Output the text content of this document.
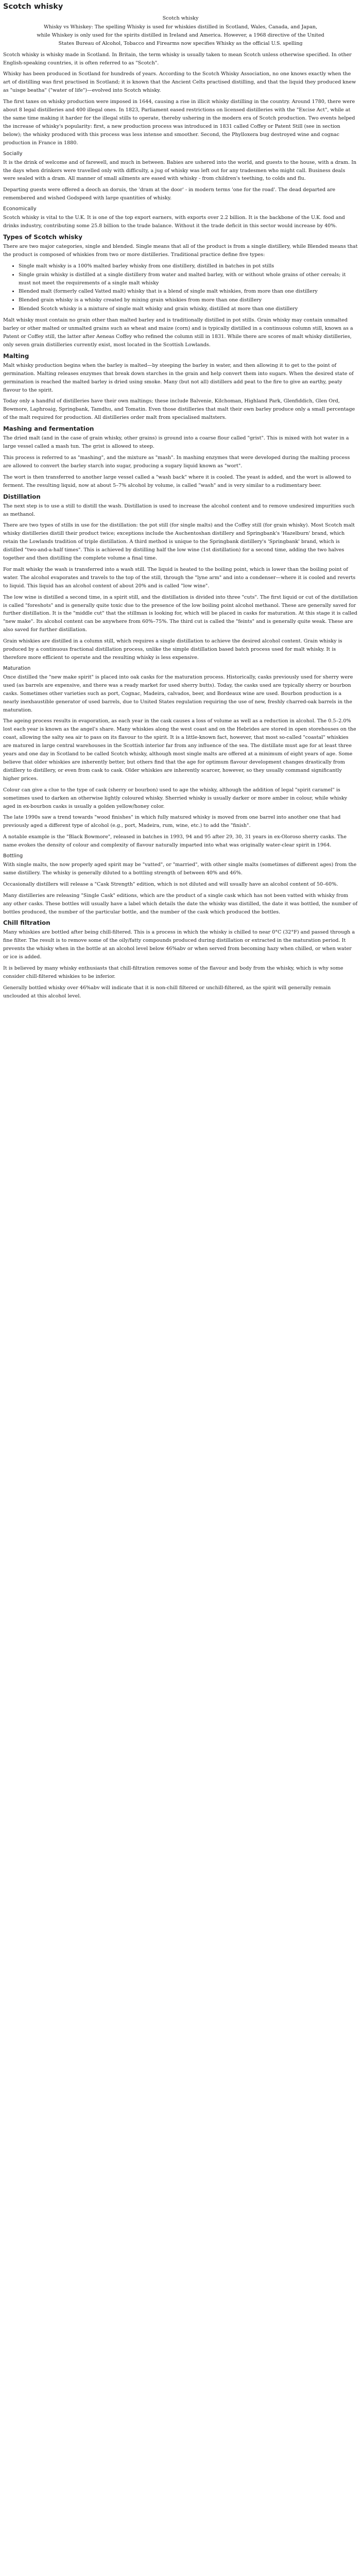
Scotch whisky
Scotch whisky

Whisky vs Whiskey: The spelling Whisky is used for whiskies distilled in Scotland, Wales, Canada, and Japan, while Whiskey is only used for the spirits distilled in Ireland and America. However, a 1968 directive of the United States Bureau of Alcohol, Tobacco and Firearms now specifies Whisky as the official U.S. spelling

Scotch whisky is whisky made in Scotland. In Britain, the term whisky is usually taken to mean Scotch unless otherwise specified. In other English-speaking countries, it is often referred to as "Scotch".

Whisky has been produced in Scotland for hundreds of years. According to the Scotch Whisky Association, no one knows exactly when the art of distilling was first practised in Scotland; it is known that the Ancient Celts practised distilling, and that the liquid they produced knew as "uisge beatha" ("water of life")—evolved into Scotch whisky.

The first taxes on whisky production were imposed in 1644, causing a rise in illicit whisky distilling in the country. Around 1780, there were about 8 legal distilleries and 400 illegal ones. In 1823, Parliament eased restrictions on licensed distilleries with the "Excise Act", while at the same time making it harder for the illegal stills to operate, thereby ushering in the modern era of Scotch production. Two events helped the increase of whisky's popularity: first, a new production process was introduced in 1831 called Coffey or Patent Still (see in section below); the whisky produced with this process was less intense and smoother. Second, the Phylloxera bug destroyed wine and cognac production in France in 1880.

Socially

It is the drink of welcome and of farewell, and much in between. Babies are ushered into the world, and guests to the house, with a dram. In the days when drinkers were travelled only with difficulty, a jug of whisky was left out for any tradesmen who might call. Business deals were sealed with a dram. All manner of small ailments are eased with whisky - from children's teething, to colds and flu.

Departing guests were offered a deoch an doruis, the 'dram at the door' - in modern terms 'one for the road'. The dead departed are remembered and wished Godspeed with large quantities of whisky.

Economically

Scotch whisky is vital to the U.K. It is one of the top export earners, with exports over 2.2 billion. It is the backbone of the U.K. food and drinks industry, contributing some 25.8 billion to the trade balance. Without it the trade deficit in this sector would increase by 40%.

Types of Scotch whisky

There are two major categories, single and blended. Single means that all of the product is from a single distillery, while Blended means that the product is composed of whiskies from two or more distilleries. Traditional practice define five types:

• Single malt whisky is a 100% malted barley whisky from one distillery, distilled in batches in pot stills
• Single grain whisky is distilled at a single distillery from water and malted barley, with or without whole grains of other cereals; it must not meet the requirements of a single malt whisky
• Blended malt (formerly called Vatted malt) whisky that is a blend of single malt whiskies, from more than one distillery
• Blended grain whisky is a whisky created by mixing grain whiskies from more than one distillery
• Blended Scotch whisky is a mixture of single malt whisky and grain whisky, distilled at more than one distillery

Malt whisky must contain no grain other than malted barley and is traditionally distilled in pot stills. Grain whisky may contain unmalted barley or other malted or unmalted grains such as wheat and maize (corn) and is typically distilled in a continuous column still, known as a Patent or Coffey still, the latter after Aeneas Coffey who refined the column still in 1831. While there are scores of malt whisky distilleries, only seven grain distilleries currently exist, most located in the Scottish Lowlands.

Malting

Malt whisky production begins when the barley is malted—by steeping the barley in water, and then allowing it to get to the point of germination. Malting releases enzymes that break down starches in the grain and help convert them into sugars. When the desired state of germination is reached the malted barley is dried using smoke. Many (but not all) distillers add peat to the fire to give an earthy, peaty flavour to the spirit.

Today only a handful of distilleries have their own maltings; these include Balvenie, Kilchoman, Highland Park, Glenfiddich, Glen Ord, Bowmore, Laphroaig, Springbank, Tamdhu, and Tomatin. Even those distilleries that malt their own barley produce only a small percentage of the malt required for production. All distilleries order malt from specialised maltsters.

Mashing and fermentation

The dried malt (and in the case of grain whisky, other grains) is ground into a coarse flour called "grist". This is mixed with hot water in a large vessel called a mash tun. The grist is allowed to steep.

This process is referred to as "mashing", and the mixture as "mash". In mashing enzymes that were developed during the malting process are allowed to convert the barley starch into sugar, producing a sugary liquid known as "wort".

The wort is then transferred to another large vessel called a "wash back" where it is cooled. The yeast is added, and the wort is allowed to ferment. The resulting liquid, now at about 5–7% alcohol by volume, is called "wash" and is very similar to a rudimentary beer.

Distillation

The next step is to use a still to distill the wash. Distillation is used to increase the alcohol content and to remove undesired impurities such as methanol.

There are two types of stills in use for the distillation: the pot still (for single malts) and the Coffey still (for grain whisky). Most Scotch malt whisky distilleries distill their product twice; exceptions include the Auchentoshan distillery and Springbank's 'Hazelburn' brand, which retain the Lowlands tradition of triple distillation. A third method is unique to the Springbank distillery's 'Springbank' brand, which is distilled "two-and-a-half times". This is achieved by distilling half the low wine (1st distillation) for a second time, adding the two halves together and then distilling the complete volume a final time.

For malt whisky the wash is transferred into a wash still. The liquid is heated to the boiling point, which is lower than the boiling point of water. The alcohol evaporates and travels to the top of the still, through the "lyne arm" and into a condenser—where it is cooled and reverts to liquid. This liquid has an alcohol content of about 20% and is called "low wine".

The low wine is distilled a second time, in a spirit still, and the distillation is divided into three "cuts". The first liquid or cut of the distillation is called "foreshots" and is generally quite toxic due to the presence of the low boiling point alcohol methanol. These are generally saved for further distillation. It is the "middle cut" that the stillman is looking for, which will be placed in casks for maturation. At this stage it is called "new make". Its alcohol content can be anywhere from 60%–75%. The third cut is called the "feints" and is generally quite weak. These are also saved for further distillation.

Grain whiskies are distilled in a column still, which requires a single distillation to achieve the desired alcohol content. Grain whisky is produced by a continuous fractional distillation process, unlike the simple distillation based batch process used for malt whisky. It is therefore more efficient to operate and the resulting whisky is less expensive.

Maturation

Once distilled the "new make spirit" is placed into oak casks for the maturation process. Historically, casks previously used for sherry were used (as barrels are expensive, and there was a ready market for used sherry butts). Today, the casks used are typically sherry or bourbon casks. Sometimes other varieties such as port, Cognac, Madeira, calvados, beer, and Bordeaux wine are used. Bourbon production is a nearly inexhaustible generator of used barrels, due to United States regulation requiring the use of new, freshly charred-oak barrels in the maturation.

The ageing process results in evaporation, as each year in the cask causes a loss of volume as well as a reduction in alcohol. The 0.5–2.0% lost each year is known as the angel's share. Many whiskies along the west coast and on the Hebrides are stored in open storehouses on the coast, allowing the salty sea air to pass on its flavour to the spirit. It is a little-known fact, however, that most so-called "coastal" whiskies are matured in large central warehouses in the Scottish interior far from any influence of the sea. The distillate must age for at least three years and one day in Scotland to be called Scotch whisky, although most single malts are offered at a minimum of eight years of age. Some believe that older whiskies are inherently better, but others find that the age for optimum flavour development changes drastically from distillery to distillery, or even from cask to cask. Older whiskies are inherently scarcer, however, so they usually command significantly higher prices.

Colour can give a clue to the type of cask (sherry or bourbon) used to age the whisky, although the addition of legal "spirit caramel" is sometimes used to darken an otherwise lightly coloured whisky. Sherried whisky is usually darker or more amber in colour, while whisky aged in ex-bourbon casks is usually a golden yellow/honey color.

The late 1990s saw a trend towards "wood finishes" in which fully matured whisky is moved from one barrel into another one that had previously aged a different type of alcohol (e.g., port, Madeira, rum, wine, etc.) to add the "finish".

A notable example is the "Black Bowmore", released in batches in 1993, 94 and 95 after 29, 30, 31 years in ex-Oloroso sherry casks. The name evokes the density of colour and complexity of flavour naturally imparted into what was originally water-clear spirit in 1964.

Bottling

With single malts, the now properly aged spirit may be "vatted", or "married", with other single malts (sometimes of different ages) from the same distillery. The whisky is generally diluted to a bottling strength of between 40% and 46%.

Occasionally distillers will release a "Cask Strength" edition, which is not diluted and will usually have an alcohol content of 50–60%.

Many distilleries are releasing "Single Cask" editions, which are the product of a single cask which has not been vatted with whisky from any other casks. These bottles will usually have a label which details the date the whisky was distilled, the date it was bottled, the number of bottles produced, the number of the particular bottle, and the number of the cask which produced the bottles.

Chill filtration

Many whiskies are bottled after being chill-filtered. This is a process in which the whisky is chilled to near 0°C (32°F) and passed through a fine filter. The result is to remove some of the oily/fatty compounds produced during distillation or extracted in the maturation period. It prevents the whisky when in the bottle at an alcohol level below 46%abv or when served from becoming hazy when chilled, or when water or ice is added.

It is believed by many whisky enthusiasts that chill-filtration removes some of the flavour and body from the whisky, which is why some consider chill-filtered whiskies to be inferior.

Generally bottled whisky over 46%abv will indicate that it is non-chill filtered or unchill-filtered, as the spirit will generally remain unclouded at this alcohol level.
